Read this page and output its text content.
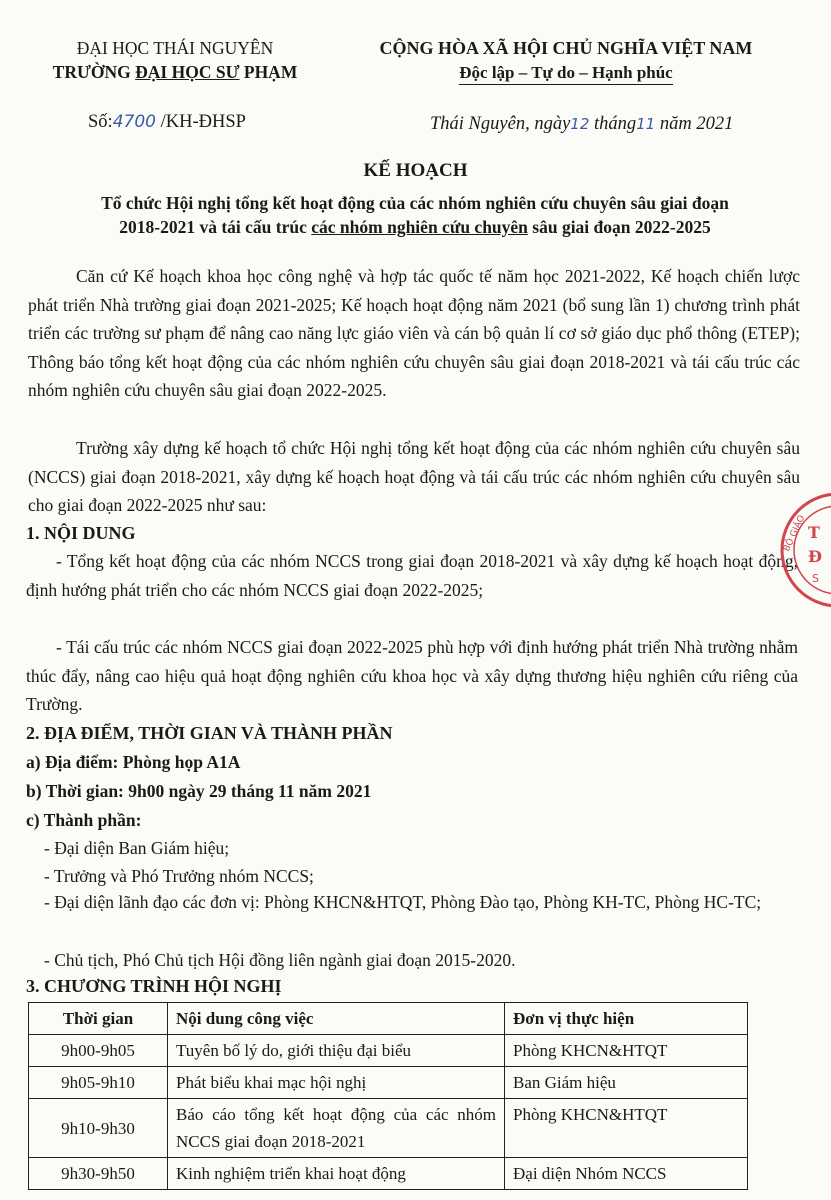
ĐẠI HỌC THÁI NGUYÊN
TRƯỜNG ĐẠI HỌC SƯ PHẠM
CỘNG HÒA XÃ HỘI CHỦ NGHĨA VIỆT NAM
Độc lập – Tự do – Hạnh phúc
Số:4700 /KH-ĐHSP	Thái Nguyên, ngày12 tháng11 năm 2021
KẾ HOẠCH
Tổ chức Hội nghị tổng kết hoạt động của các nhóm nghiên cứu chuyên sâu giai đoạn
2018-2021 và tái cấu trúc các nhóm nghiên cứu chuyên sâu giai đoạn 2022-2025
Căn cứ Kế hoạch khoa học công nghệ và hợp tác quốc tế năm học 2021-2022, Kế hoạch chiến lược phát triển Nhà trường giai đoạn 2021-2025; Kế hoạch hoạt động năm 2021 (bổ sung lần 1) chương trình phát triển các trường sư phạm để nâng cao năng lực giáo viên và cán bộ quản lí cơ sở giáo dục phổ thông (ETEP); Thông báo tổng kết hoạt động của các nhóm nghiên cứu chuyên sâu giai đoạn 2018-2021 và tái cấu trúc các nhóm nghiên cứu chuyên sâu giai đoạn 2022-2025.
Trường xây dựng kế hoạch tổ chức Hội nghị tổng kết hoạt động của các nhóm nghiên cứu chuyên sâu (NCCS) giai đoạn 2018-2021, xây dựng kế hoạch hoạt động và tái cấu trúc các nhóm nghiên cứu chuyên sâu cho giai đoạn 2022-2025 như sau:
1. NỘI DUNG
- Tổng kết hoạt động của các nhóm NCCS trong giai đoạn 2018-2021 và xây dựng kế hoạch hoạt động, định hướng phát triển cho các nhóm NCCS giai đoạn 2022-2025;
- Tái cấu trúc các nhóm NCCS giai đoạn 2022-2025 phù hợp với định hướng phát triển Nhà trường nhằm thúc đẩy, nâng cao hiệu quả hoạt động nghiên cứu khoa học và xây dựng thương hiệu nghiên cứu riêng của Trường.
2. ĐỊA ĐIỂM, THỜI GIAN VÀ THÀNH PHẦN
a) Địa điểm: Phòng họp A1A
b) Thời gian: 9h00 ngày 29 tháng 11 năm 2021
c) Thành phần:
- Đại diện Ban Giám hiệu;
- Trưởng và Phó Trưởng nhóm NCCS;
- Đại diện lãnh đạo các đơn vị: Phòng KHCN&HTQT, Phòng Đào tạo, Phòng KH-TC, Phòng HC-TC;
- Chủ tịch, Phó Chủ tịch Hội đồng liên ngành giai đoạn 2015-2020.
3. CHƯƠNG TRÌNH HỘI NGHỊ
Thời gian	Nội dung công việc	Đơn vị thực hiện
9h00-9h05	Tuyên bố lý do, giới thiệu đại biểu	Phòng KHCN&HTQT
9h05-9h10	Phát biểu khai mạc hội nghị	Ban Giám hiệu
9h10-9h30	Báo cáo tổng kết hoạt động của các nhóm NCCS giai đoạn 2018-2021	Phòng KHCN&HTQT
9h30-9h50	Kinh nghiệm triển khai hoạt động	Đại diện Nhóm NCCS
BỘ GIÁO T
Đ
S
